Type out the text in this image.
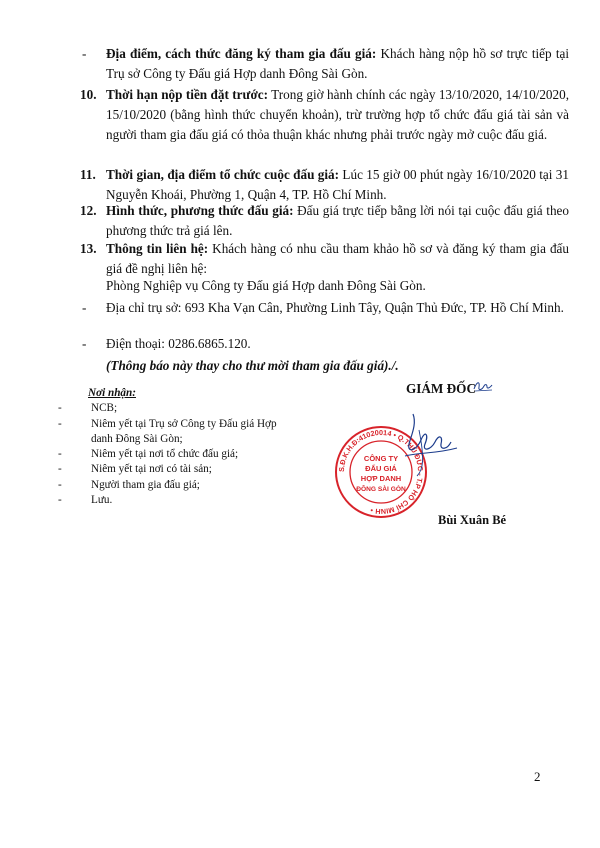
- Địa điểm, cách thức đăng ký tham gia đấu giá: Khách hàng nộp hồ sơ trực tiếp tại Trụ sở Công ty Đấu giá Hợp danh Đông Sài Gòn.
10. Thời hạn nộp tiền đặt trước: Trong giờ hành chính các ngày 13/10/2020, 14/10/2020, 15/10/2020 (bằng hình thức chuyển khoản), trừ trường hợp tổ chức đấu giá tài sản và người tham gia đấu giá có thỏa thuận khác nhưng phải trước ngày mở cuộc đấu giá.
11. Thời gian, địa điểm tổ chức cuộc đấu giá: Lúc 15 giờ 00 phút ngày 16/10/2020 tại 31 Nguyễn Khoái, Phường 1, Quận 4, TP. Hồ Chí Minh.
12. Hình thức, phương thức đấu giá: Đấu giá trực tiếp bằng lời nói tại cuộc đấu giá theo phương thức trả giá lên.
13. Thông tin liên hệ: Khách hàng có nhu cầu tham khảo hồ sơ và đăng ký tham gia đấu giá đề nghị liên hệ:
Phòng Nghiệp vụ Công ty Đấu giá Hợp danh Đông Sài Gòn.
- Địa chỉ trụ sở: 693 Kha Vạn Cân, Phường Linh Tây, Quận Thủ Đức, TP. Hồ Chí Minh.
- Điện thoại: 0286.6865.120.
(Thông báo này thay cho thư mời tham gia đấu giá)./.
Nơi nhận:
-	NCB;
-	Niêm yết tại Trụ sở Công ty Đấu giá Hợp danh Đông Sài Gòn;
-	Niêm yết tại nơi tổ chức đấu giá;
-	Niêm yết tại nơi có tài sản;
-	Người tham gia đấu giá;
-	Lưu.
GIÁM ĐỐC
S.Đ.K.H.Đ:41020014 • Q.THỦ ĐỨC - T.P HỒ CHÍ MINH •
CÔNG TY
ĐẤU GIÁ
HỢP DANH
ĐÔNG SÀI GÒN
Bùi Xuân Bé
2
